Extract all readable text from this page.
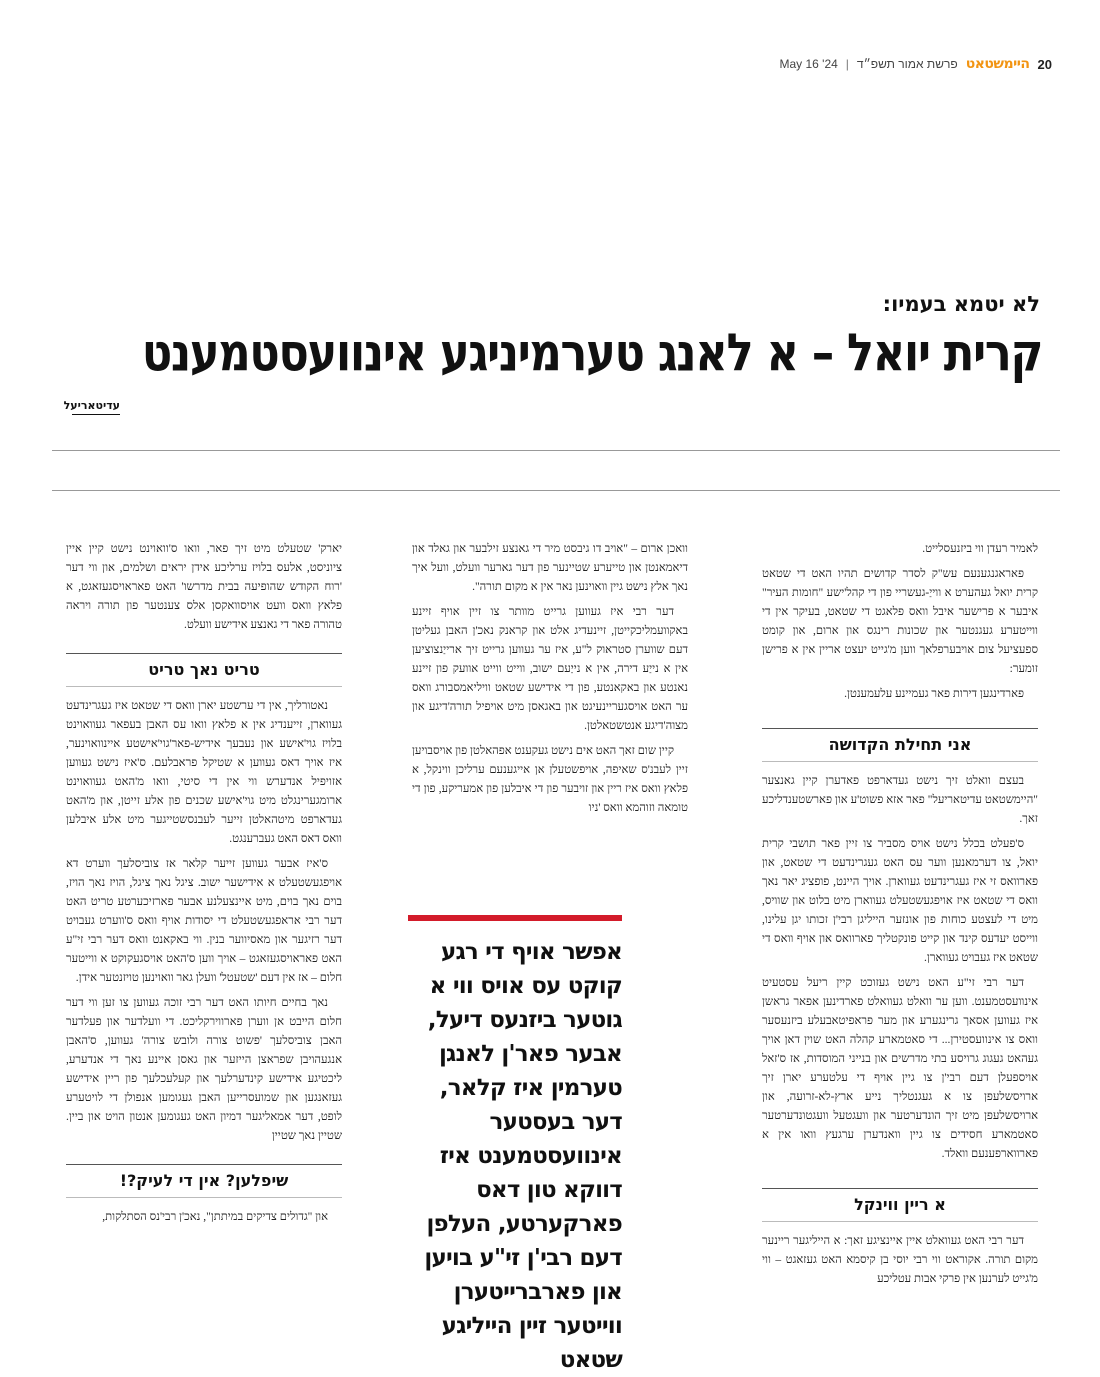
20
היימשטאט
פרשת אמור תשפ״ד
|
May 16 '24
לא יטמא בעמיו:
קרית יואל – א לאנג טערמיניגע אינוועסטמענט
עדיטאריעל

לאמיר רעדן ווי ביזנעסלייט.

פאראגנגענעם עש"ק לסדר קדושים תהיו האט די שטאט קרית יואל געהערט א ווייַ-געשריי פון די קהל'ישע "חומות העיר" איבער א פרישער איבל וואס פלאגט די שטאט, בעיקר אין די ווייטערע געגנטער און שכונות רינגס און ארום, און קומט ספעציעל צום אויבערפלאך ווען מ'גייט יעצט אריין אין א פרישן זומער:

פארדינגען דירות פאר געמיינע עלעמענטן.

אני תחילת הקדושה

בעצם וואלט זיך נישט געדארפט פאדערן קיין גאנצער "היימשטאט עדיטאריעל" פאר אזא פשוט'ע און פארשטענדליכע זאך.

ס'פעלט בכלל נישט אויס מסביר צו זיין פאר תושבי קרית יואל, צו דערמאנען ווער עס האט געגרינדעט די שטאט, און פארוואס זי איז געגרינדעט געווארן. אויך היינט, פופציג יאר נאך וואס די שטאט איז אויפגעשטעלט געווארן מיט בלוט און שוויס, מיט די לעצטע כוחות פון אונזער הייליגן רבי'ן זכותו יגן עלינו, ווייסט יעדעס קינד און קייט פונקטליך פארוואס און אויף וואס די שטאט איז געבויט געווארן.

דער רבי זי"ע האט נישט געזוכט קיין ריעל עסטעיט אינוועסטמענט. ווען ער וואלט געוואלט פארדינען אפאר גראשן איז געווען אסאך גרינגערע און מער פראפיטאבעלע ביזנעסער וואס צו אינוועסטירן... די סאטמארע קהלה האט שוין דאן אויך געהאט געגוג גרויסע בתי מדרשים און בנייני המוסדות, אז ס'זאל אויספעלן דעם רבי'ן צו גיין אויף די עלטערע יארן זיך ארויסשלעפן צו א געגנטליך נייע ארץ-לא-זרועה, און ארויסשלעפן מיט זיך הונדערטער און וועגטעל וועגטונדערטער סאטמארע חסידים צו גיין וואנדערן ערגעץ וואו אין א פארווארפענעם וואלד.

א ריין ווינקל

דער רבי האט געוואלט איין איינציגע זאך: א הייליגער ריינער מקום תורה. אקוראט ווי רבי יוסי בן קיסמא האט געזאגט – ווי מ'גייט לערנען אין פרקי אבות עטליכע

וואכן ארום – "אויב דו גיבסט מיר די גאנצע זילבער און גאלד און דיאמאנטן און טייערע שטיינער פון דער גארער וועלט, וועל איך נאך אלץ נישט גיין וואוינען נאר אין א מקום תורה".

דער רבי איז געווען גרייט מוותר צו זיין אויף זיינע באקוועמליכקייטן, זיינעדיג אלט און קראנק נאכ'ן האבן געליטן דעם שווערן סטראוק ל"ע, איז ער געווען גרייט זיך ארייַנצוציען אין א נייַע דירה, אין א נייַעם ישוב, ווייט ווייט אוועק פון זיינע נאנטע און באקאנטע, פון די אידישע שטאט וויליאמסבורג וואס ער האט אויסגעריינעיגט און באגאסן מיט אויפיל תורה'דיגע און מצוה'דיגע אנטשטאלטן.

קיין שום זאך האט אים נישט געקענט אפהאלטן פון אויסבויען זיין לעבנ'ס שאיפה, אויפשטעלן אן אייגענעם ערליכן ווינקל, א פלאץ וואס איז ריין און זויבער פון די איבלען פון אמעריקע, פון די טומאה וזוהמא וואס 'ניו

אפשר אויף די רגע קוקט עס אויס ווי א גוטער ביזנעס דיעל, אבער פאר'ן לאנגן טערמין איז קלאר, דער בעסטער אינוועסטמענט איז דווקא טון דאס פארקערטע, העלפן דעם רבי'ן זי"ע בויען און פארברייטערן ווייטער זיין הייליגע שטאט

יארק' שטעלט מיט זיך פאר, וואו ס'וואוינט נישט קיין איין ציוניסט, אלעס בלויז ערליכע אידן יראים ושלמים, און ווי דער 'רוח הקודש שהופיעה בבית מדרשו' האט פאראויסגעזאגט, א פלאץ וואס וועט אויסוואקסן אלס צענטער פון תורה ויראה טהורה פאר די גאנצע אידישע וועלט.

טריט נאך טריט

נאטורליך, אין די ערשטע יארן וואס די שטאט איז געגרינדעט געווארן, זייענדיג אין א פלאץ וואו עס האבן בעפאר געוואוינט בלויז גוי'אישע און נעבעך אידיש-פאר'גוי'אישטע איינוואוינער, איז אויך דאס געווען א שטיקל פראבלעם. ס'איז נישט געווען אזויפיל אנדערש ווי אין די סיטי, וואו מ'האט געוואוינט ארומגערינגלט מיט גוי'אישע שכנים פון אלע זייטן, און מ'האט געדארפט מיטהאלטן זייער לעבנסשטייגער מיט אלע איבלען וואס דאס האט געברענגט.

ס'איז אבער געווען זייער קלאר אז צוביסלעך ווערט דא אויפגעשטעלט א אידישער ישוב. ציגל נאך ציגל, הויז נאך הויז, בוים נאך בוים, מיט איינצעלנע אבער פארזיכערטע טריט האט דער רבי אראפגעשטעלט די יסודות אויף וואס ס'ווערט געבויט דער רזיגער און מאסיווער בנין. ווי באקאנט וואס דער רבי זי"ע האט פאראויסגעזאגט – אויך ווען ס'האט אויסגעקוקט א ווייטער חלום – אז אין דעם 'שטעטל' וועלן גאר וואוינען טויזנטער אידן.

נאך בחיים חיותו האט דער רבי זוכה געווען צו זען ווי דער חלום הייבט אן ווערן פארווירקליכט. די וועלדער און פעלדער האבן צוביסלעך 'פשוט צורה ולובש צורה' געווען, ס'האבן אנגעהויבן שפראצן הייזער און גאסן איינע נאך די אנדערע, ליכטיגע אידישע קינדערלעך און קעלעכלעך פון ריין אידישע געזאנגען און שמועסרייען האבן געגומען אנפולן די לויטערע לופט, דער אמאליגער דמיון האט געגומען אנטון הויט און ביין. שטיין נאך שטיין

שיפלען? אין די לעיק?!

און "גדולים צדיקים במיתתן", נאכ'ן רבי'נס הסתלקות,
